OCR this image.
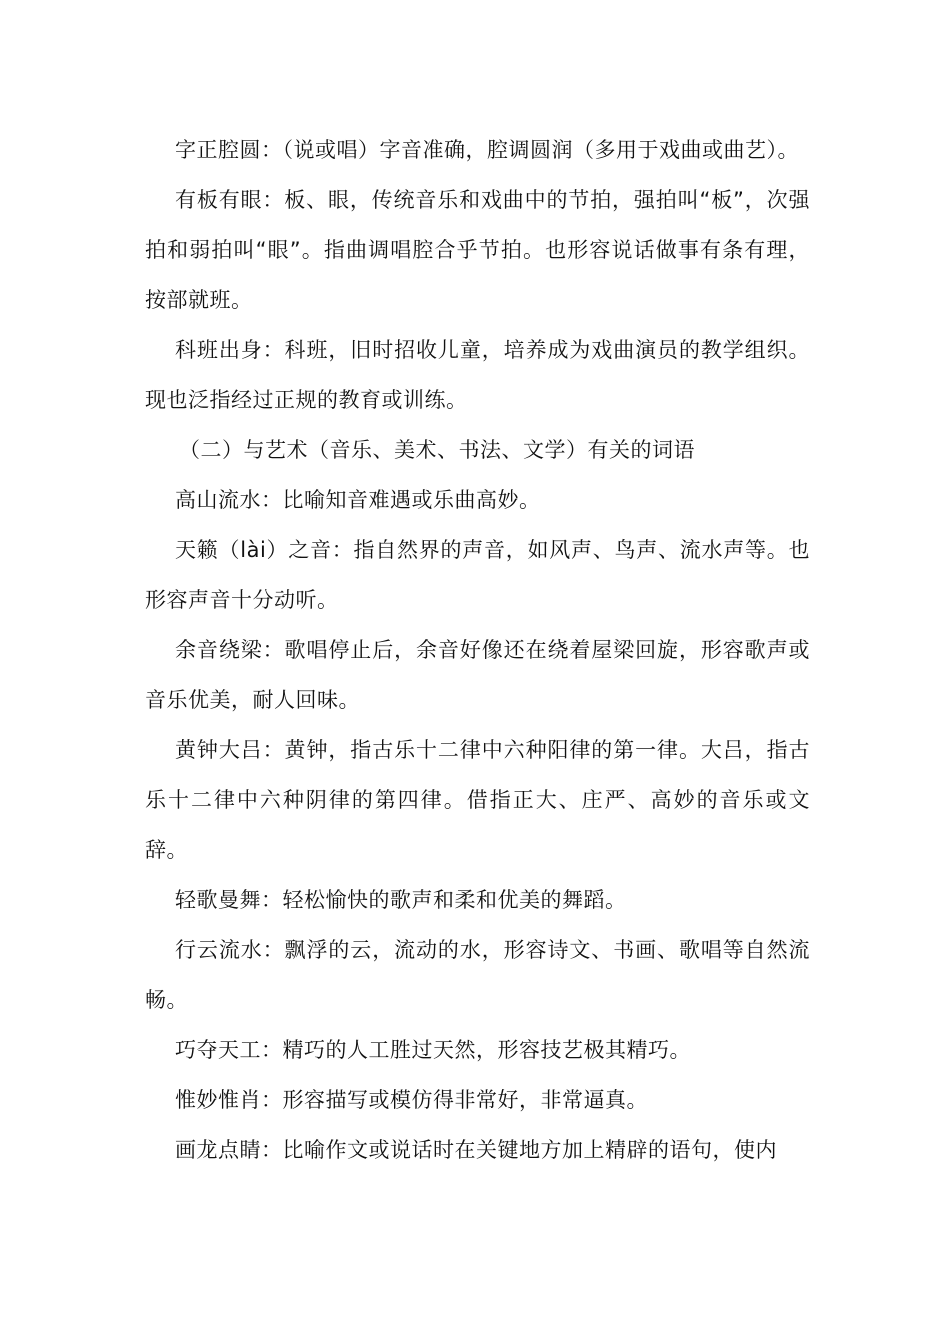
字正腔圆：（说或唱）字音准确，腔调圆润（多用于戏曲或曲艺）。

有板有眼：板、眼，传统音乐和戏曲中的节拍，强拍叫“板”，次强拍和弱拍叫“眼”。指曲调唱腔合乎节拍。也形容说话做事有条有理，按部就班。

科班出身：科班，旧时招收儿童，培养成为戏曲演员的教学组织。现也泛指经过正规的教育或训练。

（二）与艺术（音乐、美术、书法、文学）有关的词语

高山流水：比喻知音难遇或乐曲高妙。

天籁（lài）之音：指自然界的声音，如风声、鸟声、流水声等。也形容声音十分动听。

余音绕梁：歌唱停止后，余音好像还在绕着屋梁回旋，形容歌声或音乐优美，耐人回味。

黄钟大吕：黄钟，指古乐十二律中六种阳律的第一律。大吕，指古乐十二律中六种阴律的第四律。借指正大、庄严、高妙的音乐或文辞。

轻歌曼舞：轻松愉快的歌声和柔和优美的舞蹈。

行云流水：飘浮的云，流动的水，形容诗文、书画、歌唱等自然流畅。

巧夺天工：精巧的人工胜过天然，形容技艺极其精巧。

惟妙惟肖：形容描写或模仿得非常好，非常逼真。

画龙点睛：比喻作文或说话时在关键地方加上精辟的语句，使内
